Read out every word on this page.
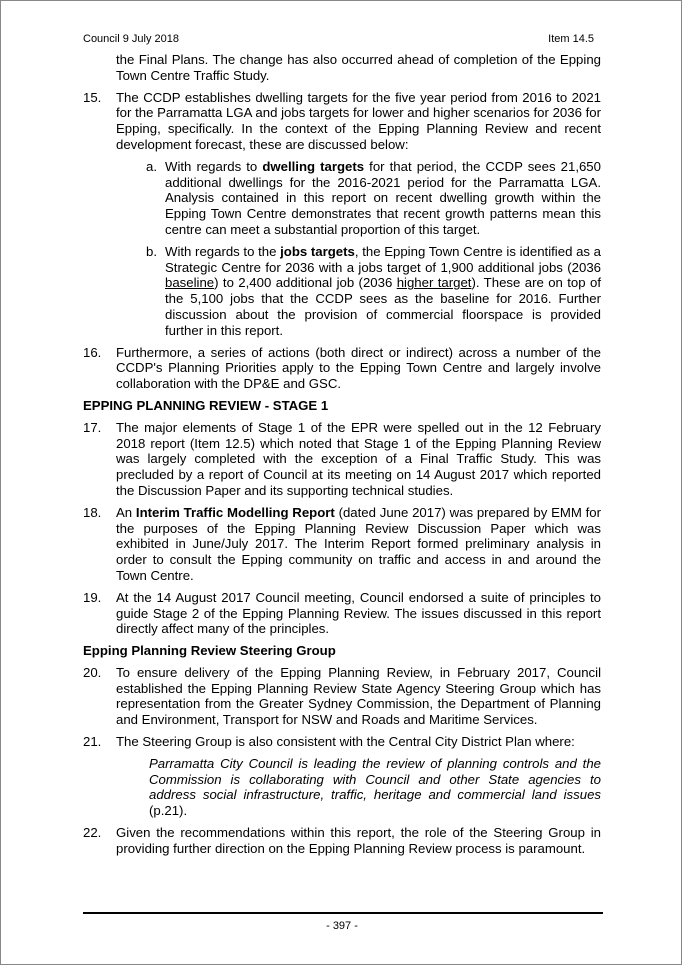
Council 9 July 2018	Item 14.5

the Final Plans. The change has also occurred ahead of completion of the Epping Town Centre Traffic Study.

15. The CCDP establishes dwelling targets for the five year period from 2016 to 2021 for the Parramatta LGA and jobs targets for lower and higher scenarios for 2036 for Epping, specifically. In the context of the Epping Planning Review and recent development forecast, these are discussed below:
a. With regards to dwelling targets for that period, the CCDP sees 21,650 additional dwellings for the 2016-2021 period for the Parramatta LGA. Analysis contained in this report on recent dwelling growth within the Epping Town Centre demonstrates that recent growth patterns mean this centre can meet a substantial proportion of this target.
b. With regards to the jobs targets, the Epping Town Centre is identified as a Strategic Centre for 2036 with a jobs target of 1,900 additional jobs (2036 baseline) to 2,400 additional job (2036 higher target). These are on top of the 5,100 jobs that the CCDP sees as the baseline for 2016. Further discussion about the provision of commercial floorspace is provided further in this report.
16. Furthermore, a series of actions (both direct or indirect) across a number of the CCDP's Planning Priorities apply to the Epping Town Centre and largely involve collaboration with the DP&E and GSC.
EPPING PLANNING REVIEW - STAGE 1
17. The major elements of Stage 1 of the EPR were spelled out in the 12 February 2018 report (Item 12.5) which noted that Stage 1 of the Epping Planning Review was largely completed with the exception of a Final Traffic Study. This was precluded by a report of Council at its meeting on 14 August 2017 which reported the Discussion Paper and its supporting technical studies.
18. An Interim Traffic Modelling Report (dated June 2017) was prepared by EMM for the purposes of the Epping Planning Review Discussion Paper which was exhibited in June/July 2017. The Interim Report formed preliminary analysis in order to consult the Epping community on traffic and access in and around the Town Centre.
19. At the 14 August 2017 Council meeting, Council endorsed a suite of principles to guide Stage 2 of the Epping Planning Review. The issues discussed in this report directly affect many of the principles.
Epping Planning Review Steering Group
20. To ensure delivery of the Epping Planning Review, in February 2017, Council established the Epping Planning Review State Agency Steering Group which has representation from the Greater Sydney Commission, the Department of Planning and Environment, Transport for NSW and Roads and Maritime Services.
21. The Steering Group is also consistent with the Central City District Plan where:
Parramatta City Council is leading the review of planning controls and the Commission is collaborating with Council and other State agencies to address social infrastructure, traffic, heritage and commercial land issues (p.21).
22. Given the recommendations within this report, the role of the Steering Group in providing further direction on the Epping Planning Review process is paramount.
- 397 -
